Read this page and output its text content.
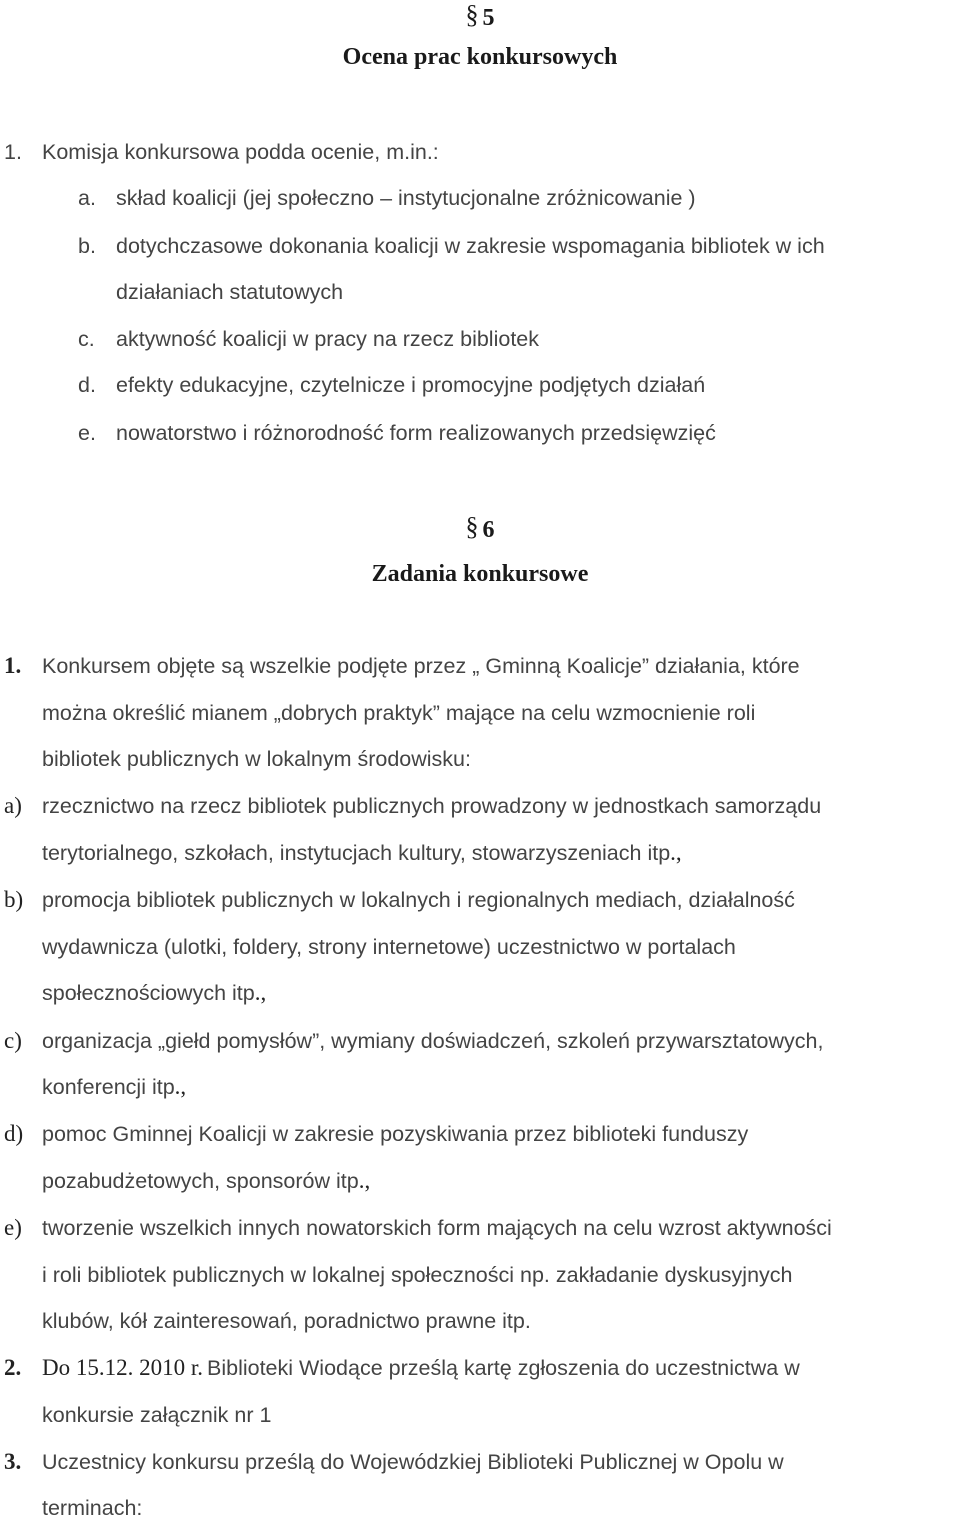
§ 5
Ocena prac konkursowych
1. Komisja konkursowa podda ocenie, m.in.:
a. skład koalicji (jej społeczno – instytucjonalne zróżnicowanie )
b. dotychczasowe dokonania koalicji w zakresie wspomagania bibliotek w ich
działaniach statutowych
c. aktywność koalicji w pracy na rzecz bibliotek
d. efekty edukacyjne, czytelnicze i promocyjne podjętych działań
e. nowatorstwo i różnorodność form realizowanych przedsięwzięć
§ 6
Zadania konkursowe
1. Konkursem objęte są wszelkie podjęte przez „ Gminną Koalicje” działania, które
można określić mianem „dobrych praktyk” mające na celu wzmocnienie roli
bibliotek publicznych w lokalnym środowisku:
a) rzecznictwo na rzecz bibliotek publicznych prowadzony w jednostkach samorządu
terytorialnego, szkołach, instytucjach kultury, stowarzyszeniach itp.,
b) promocja bibliotek publicznych w lokalnych i regionalnych mediach, działalność
wydawnicza (ulotki, foldery, strony internetowe) uczestnictwo w portalach
społecznościowych itp.,
c) organizacja „giełd pomysłów”, wymiany doświadczeń, szkoleń przywarsztatowych,
konferencji itp.,
d) pomoc Gminnej Koalicji w zakresie pozyskiwania przez biblioteki funduszy
pozabudżetowych, sponsorów itp.,
e) tworzenie wszelkich innych nowatorskich form mających na celu wzrost aktywności
i roli bibliotek publicznych w lokalnej społeczności np. zakładanie dyskusyjnych
klubów, kół zainteresowań, poradnictwo prawne itp.
2. Do 15.12. 2010 r. Biblioteki Wiodące prześlą kartę zgłoszenia do uczestnictwa w
konkursie załącznik nr 1
3. Uczestnicy konkursu prześlą do Wojewódzkiej Biblioteki Publicznej w Opolu w
terminach:
